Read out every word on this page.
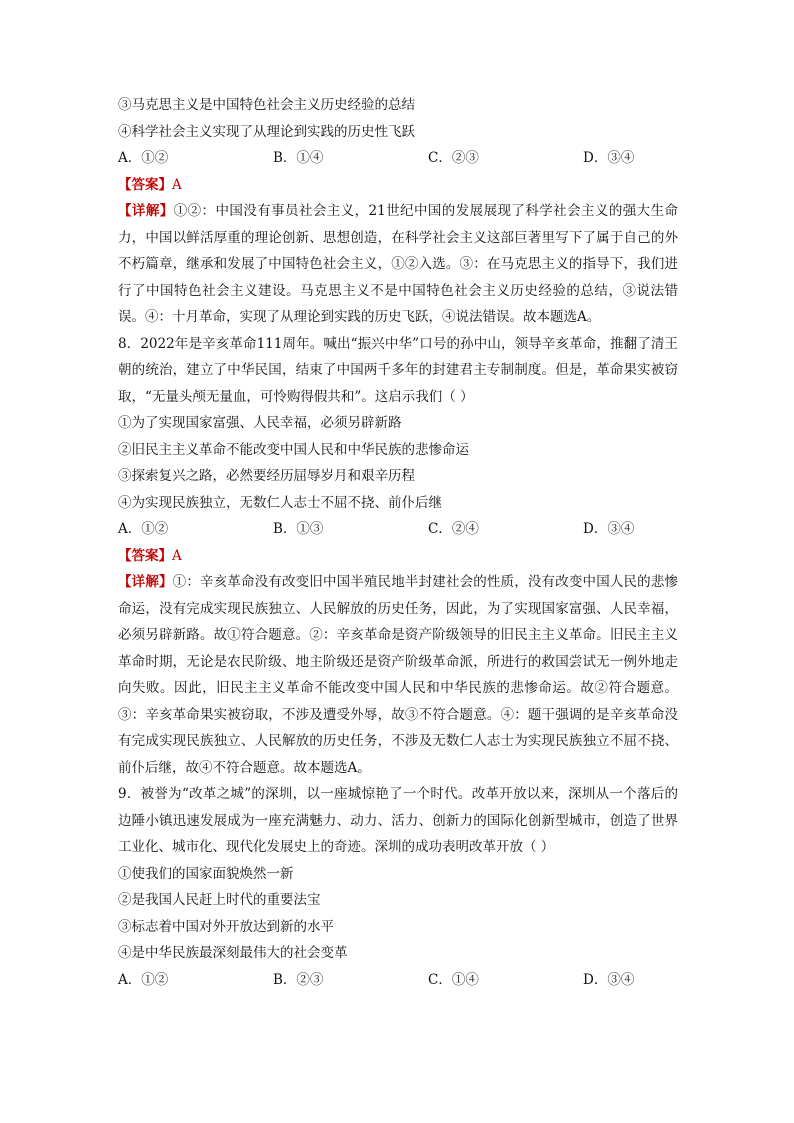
③马克思主义是中国特色社会主义历史经验的总结
④科学社会主义实现了从理论到实践的历史性飞跃
A．①②	B．①④	C．②③	D．③④
【答案】A
【详解】①②：中国没有事员社会主义，21世纪中国的发展展现了科学社会主义的强大生命力，中国以鲜活厚重的理论创新、思想创造，在科学社会主义这部巨著里写下了属于自己的外不朽篇章，继承和发展了中国特色社会主义，①②入选。③：在马克思主义的指导下，我们进行了中国特色社会主义建设。马克思主义不是中国特色社会主义历史经验的总结，③说法错误。④：十月革命，实现了从理论到实践的历史飞跃，④说法错误。故本题选A。
8．2022年是辛亥革命111周年。喊出“振兴中华”口号的孙中山，领导辛亥革命，推翻了清王朝的统治，建立了中华民国，结束了中国两千多年的封建君主专制制度。但是，革命果实被窃取，“无量头颅无量血，可怜购得假共和”。这启示我们（ ）
①为了实现国家富强、人民幸福，必须另辟新路
②旧民主主义革命不能改变中国人民和中华民族的悲惨命运
③探索复兴之路，必然要经历屈辱岁月和艰辛历程
④为实现民族独立，无数仁人志士不屈不挠、前仆后继
A．①②	B．①③	C．②④	D．③④
【答案】A
【详解】①：辛亥革命没有改变旧中国半殖民地半封建社会的性质，没有改变中国人民的悲惨命运，没有完成实现民族独立、人民解放的历史任务，因此，为了实现国家富强、人民幸福，必须另辟新路。故①符合题意。②：辛亥革命是资产阶级领导的旧民主主义革命。旧民主主义革命时期，无论是农民阶级、地主阶级还是资产阶级革命派，所进行的救国尝试无一例外地走向失败。因此，旧民主主义革命不能改变中国人民和中华民族的悲惨命运。故②符合题意。③：辛亥革命果实被窃取，不涉及遭受外辱，故③不符合题意。④：题干强调的是辛亥革命没有完成实现民族独立、人民解放的历史任务，不涉及无数仁人志士为实现民族独立不屈不挠、前仆后继，故④不符合题意。故本题选A。
9．被誉为“改革之城”的深圳，以一座城惊艳了一个时代。改革开放以来，深圳从一个落后的边陲小镇迅速发展成为一座充满魅力、动力、活力、创新力的国际化创新型城市，创造了世界工业化、城市化、现代化发展史上的奇迹。深圳的成功表明改革开放（ ）
①使我们的国家面貌焕然一新
②是我国人民赶上时代的重要法宝
③标志着中国对外开放达到新的水平
④是中华民族最深刻最伟大的社会变革
A．①②	B．②③	C．①④	D．③④
